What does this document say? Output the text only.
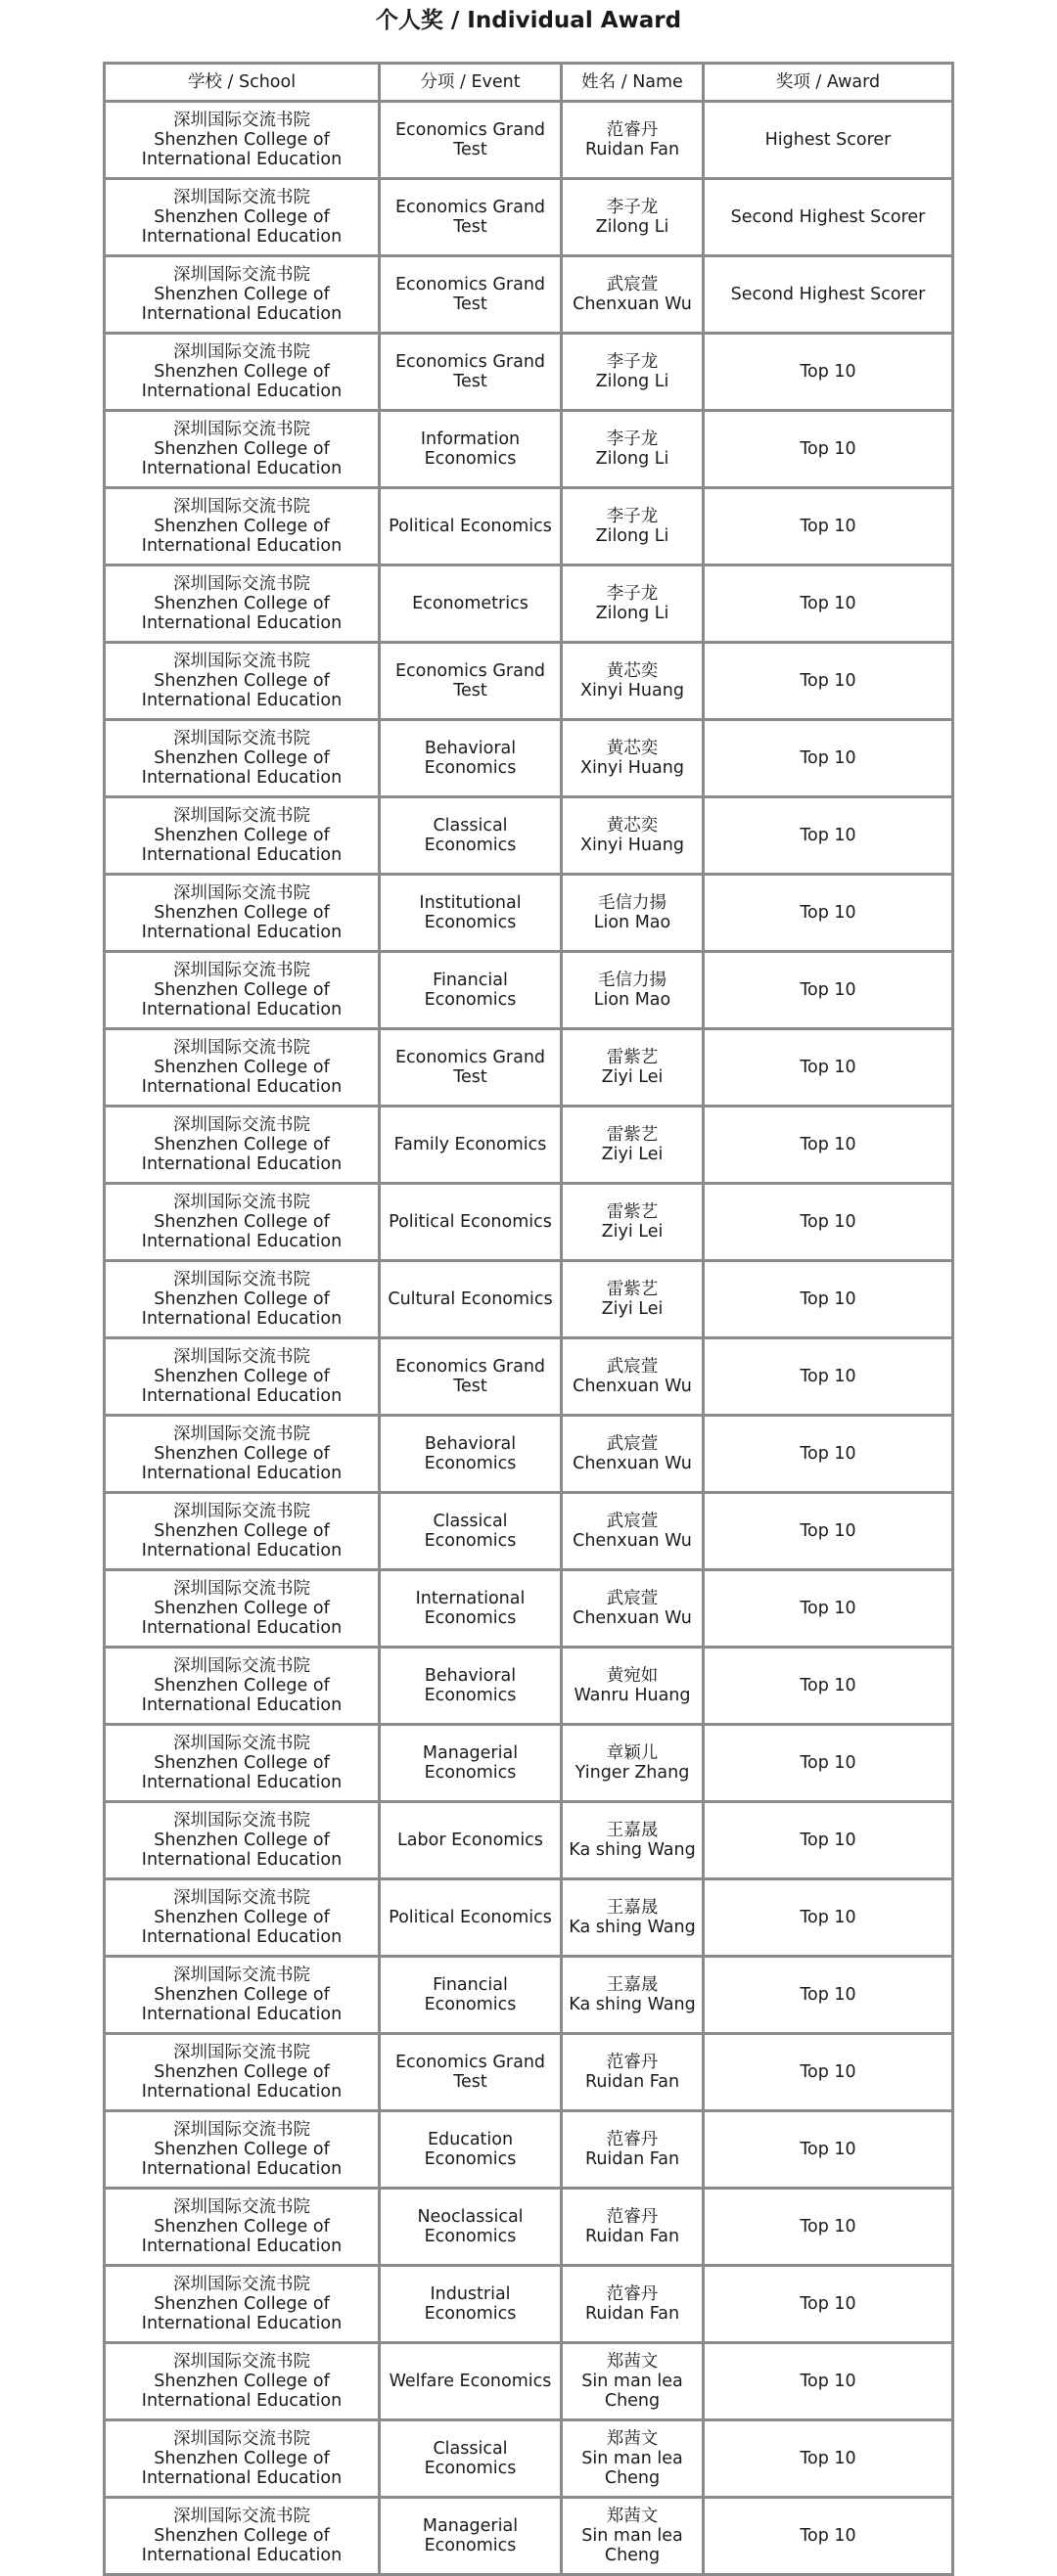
个人奖 / Individual Award
学校 / School	分项 / Event	姓名 / Name	奖项 / Award

深圳国际交流书院
Shenzhen College of
International Education	Economics Grand
Test	范睿丹
Ruidan Fan	Highest Scorer

深圳国际交流书院
Shenzhen College of
International Education	Economics Grand
Test	李子龙
Zilong Li	Second Highest Scorer

深圳国际交流书院
Shenzhen College of
International Education	Economics Grand
Test	武宸萱
Chenxuan Wu	Second Highest Scorer

深圳国际交流书院
Shenzhen College of
International Education	Economics Grand
Test	李子龙
Zilong Li	Top 10

深圳国际交流书院
Shenzhen College of
International Education	Information
Economics	李子龙
Zilong Li	Top 10

深圳国际交流书院
Shenzhen College of
International Education	Political Economics	李子龙
Zilong Li	Top 10

深圳国际交流书院
Shenzhen College of
International Education	Econometrics	李子龙
Zilong Li	Top 10

深圳国际交流书院
Shenzhen College of
International Education	Economics Grand
Test	黄芯奕
Xinyi Huang	Top 10

深圳国际交流书院
Shenzhen College of
International Education	Behavioral
Economics	黄芯奕
Xinyi Huang	Top 10

深圳国际交流书院
Shenzhen College of
International Education	Classical Economics	黄芯奕
Xinyi Huang	Top 10

深圳国际交流书院
Shenzhen College of
International Education	Institutional
Economics	毛信力揚
Lion Mao	Top 10

深圳国际交流书院
Shenzhen College of
International Education	Financial Economics	毛信力揚
Lion Mao	Top 10

深圳国际交流书院
Shenzhen College of
International Education	Economics Grand
Test	雷紫艺
Ziyi Lei	Top 10

深圳国际交流书院
Shenzhen College of
International Education	Family Economics	雷紫艺
Ziyi Lei	Top 10

深圳国际交流书院
Shenzhen College of
International Education	Political Economics	雷紫艺
Ziyi Lei	Top 10

深圳国际交流书院
Shenzhen College of
International Education	Cultural Economics	雷紫艺
Ziyi Lei	Top 10

深圳国际交流书院
Shenzhen College of
International Education	Economics Grand
Test	武宸萱
Chenxuan Wu	Top 10

深圳国际交流书院
Shenzhen College of
International Education	Behavioral
Economics	武宸萱
Chenxuan Wu	Top 10

深圳国际交流书院
Shenzhen College of
International Education	Classical Economics	武宸萱
Chenxuan Wu	Top 10

深圳国际交流书院
Shenzhen College of
International Education	International
Economics	武宸萱
Chenxuan Wu	Top 10

深圳国际交流书院
Shenzhen College of
International Education	Behavioral
Economics	黄宛如
Wanru Huang	Top 10

深圳国际交流书院
Shenzhen College of
International Education	Managerial
Economics	章颖儿
Yinger Zhang	Top 10

深圳国际交流书院
Shenzhen College of
International Education	Labor Economics	王嘉晟
Ka shing Wang	Top 10

深圳国际交流书院
Shenzhen College of
International Education	Political Economics	王嘉晟
Ka shing Wang	Top 10

深圳国际交流书院
Shenzhen College of
International Education	Financial Economics	王嘉晟
Ka shing Wang	Top 10

深圳国际交流书院
Shenzhen College of
International Education	Economics Grand
Test	范睿丹
Ruidan Fan	Top 10

深圳国际交流书院
Shenzhen College of
International Education	Education
Economics	范睿丹
Ruidan Fan	Top 10

深圳国际交流书院
Shenzhen College of
International Education	Neoclassical
Economics	范睿丹
Ruidan Fan	Top 10

深圳国际交流书院
Shenzhen College of
International Education	Industrial
Economics	范睿丹
Ruidan Fan	Top 10

深圳国际交流书院
Shenzhen College of
International Education	Welfare Economics	郑茜文
Sin man lea
Cheng	Top 10

深圳国际交流书院
Shenzhen College of
International Education	Classical Economics	郑茜文
Sin man lea
Cheng	Top 10

深圳国际交流书院
Shenzhen College of
International Education	Managerial
Economics	郑茜文
Sin man lea
Cheng	Top 10
